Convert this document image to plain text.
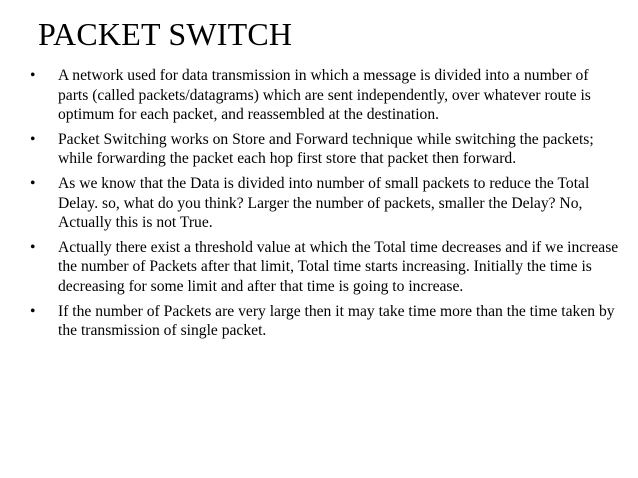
PACKET SWITCH
•	A network used for data transmission in which a message is divided into a number of parts (called packets/datagrams) which are sent independently, over whatever route is optimum for each packet, and reassembled at the destination.
•	Packet Switching works on Store and Forward technique while switching the packets; while forwarding the packet each hop first store that packet then forward.
•	As we know that the Data is divided into number of small packets to reduce the Total Delay. so, what do you think? Larger the number of packets, smaller the Delay? No, Actually this is not True.
•	Actually there exist a threshold value at which the Total time decreases and if we increase the number of Packets after that limit, Total time starts increasing. Initially the time is decreasing for some limit and after that time is going to increase.
•	If the number of Packets are very large then it may take time more than the time taken by the transmission of single packet.
